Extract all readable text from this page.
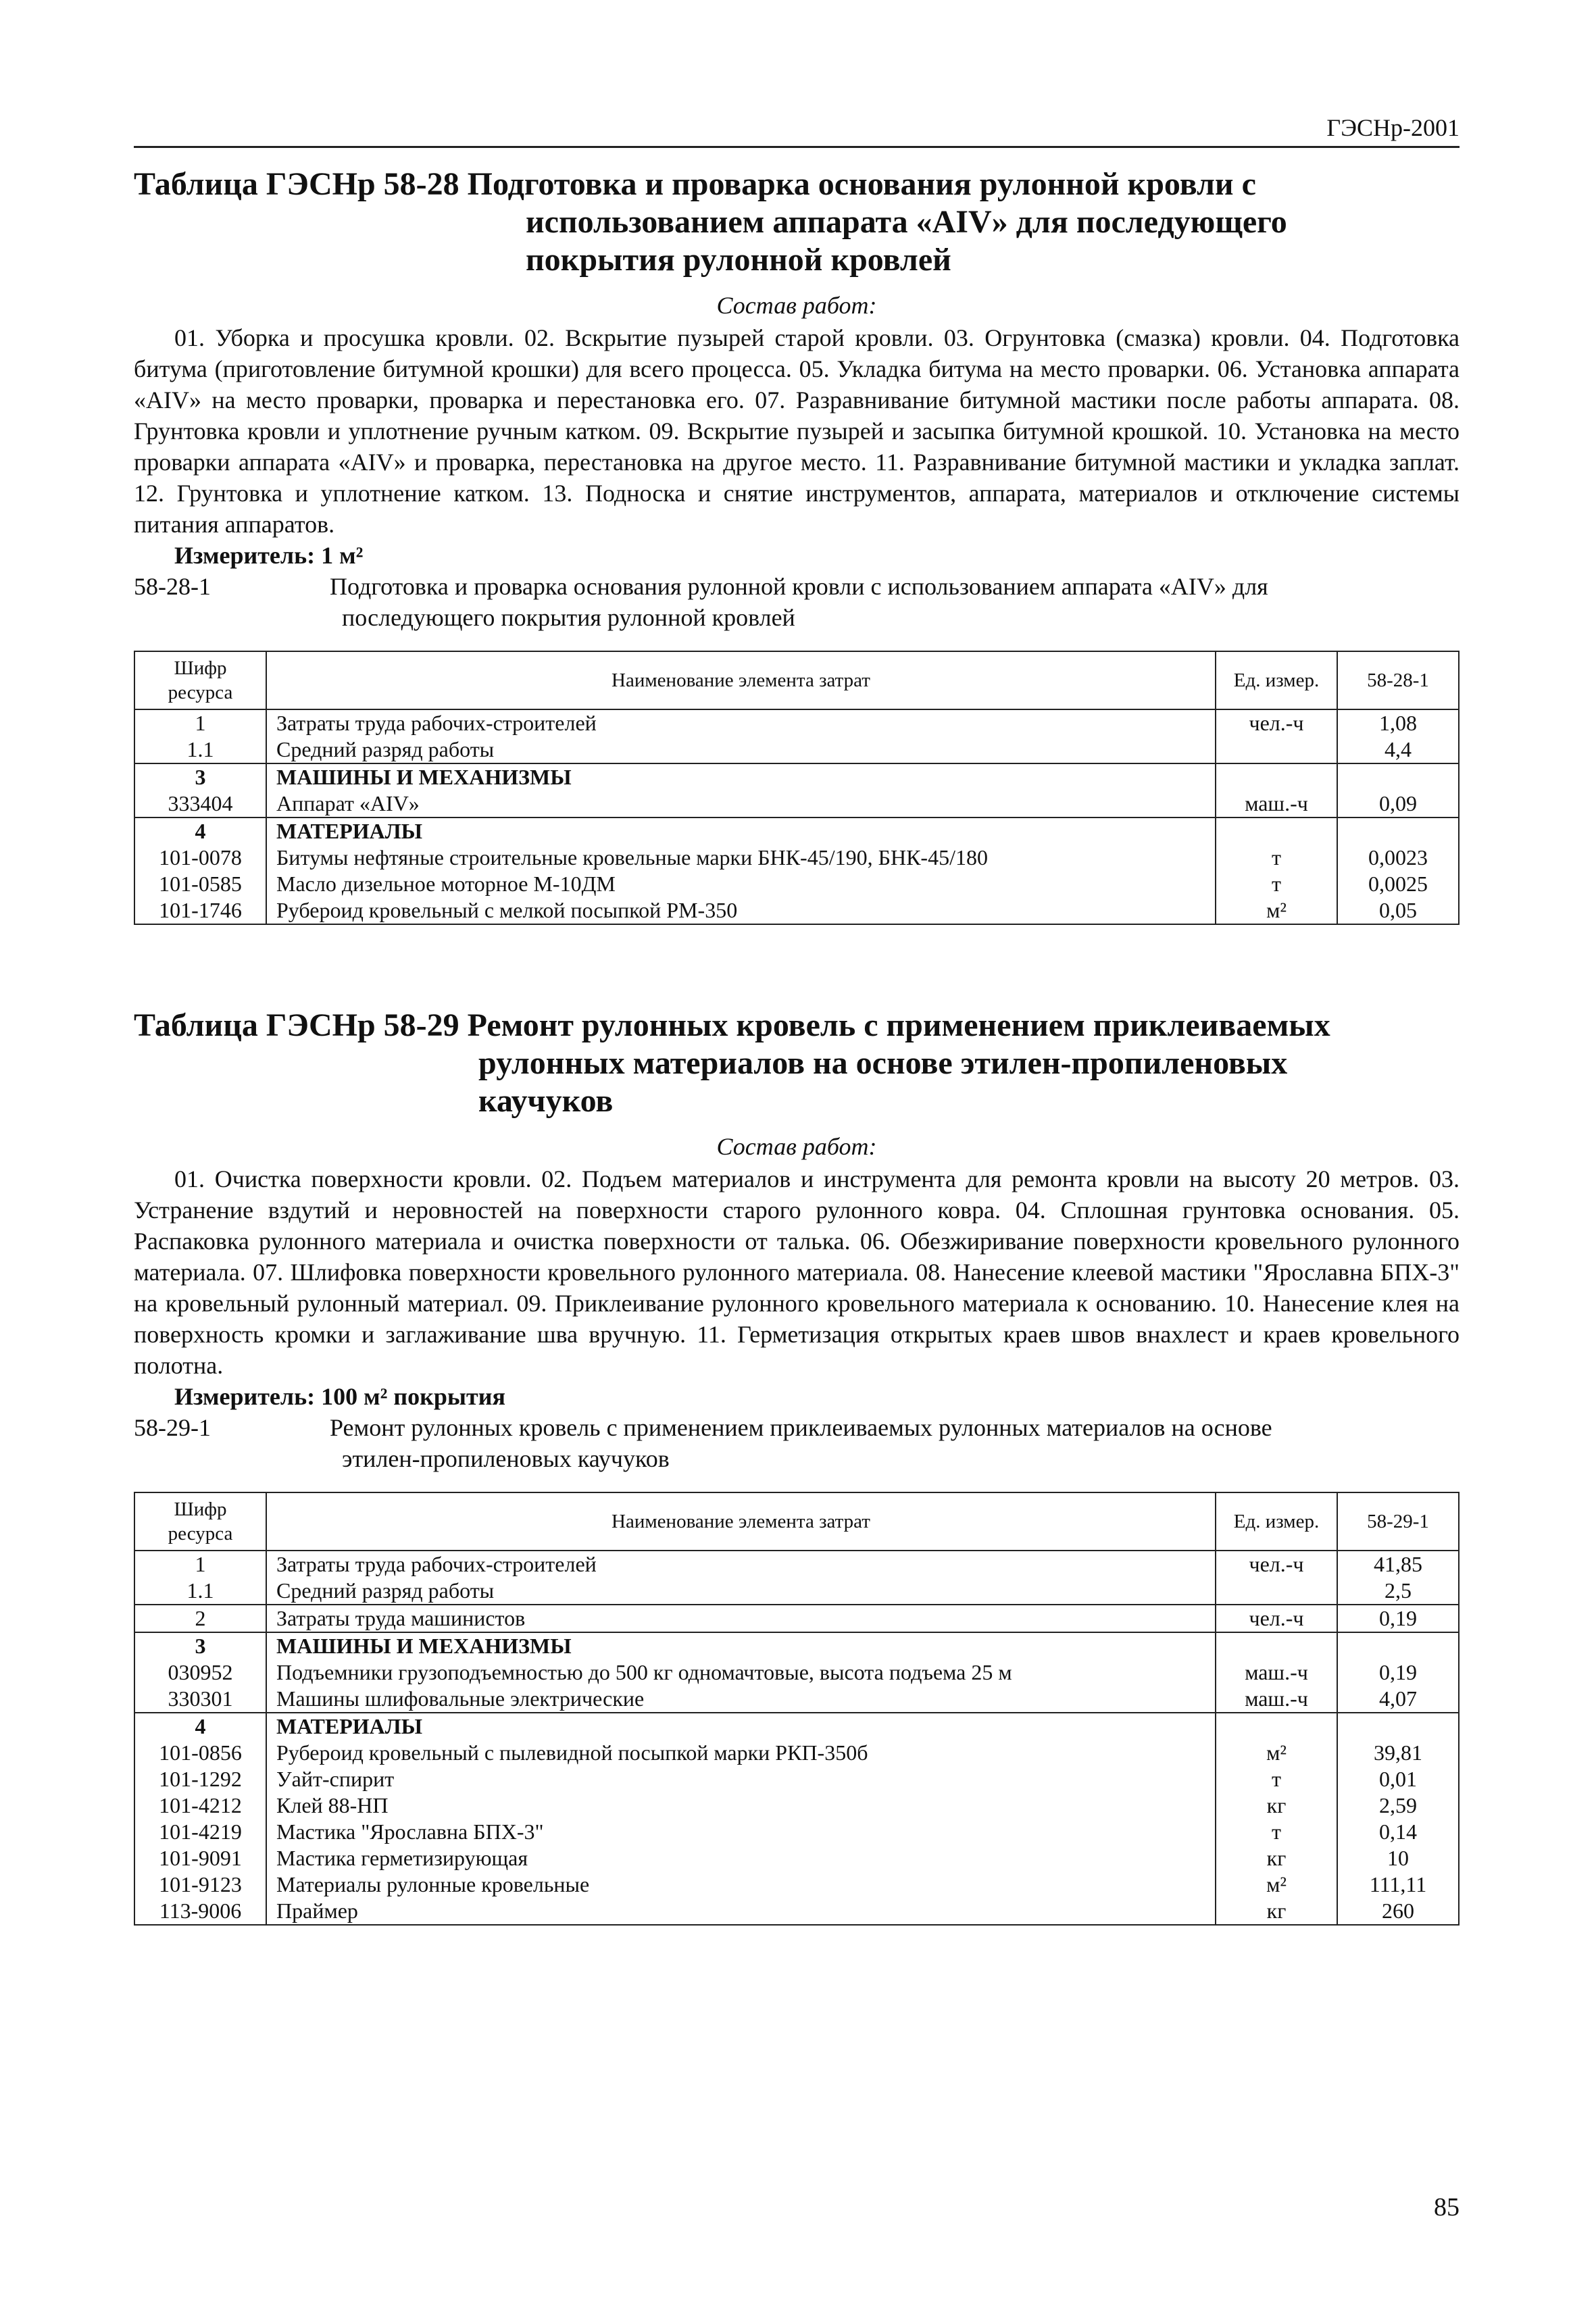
ГЭСНр-2001
Таблица ГЭСНр 58-28 Подготовка и проварка основания рулонной кровли с
использованием аппарата «AIV» для последующего
покрытия рулонной кровлей
Состав работ:

01. Уборка и просушка кровли. 02. Вскрытие пузырей старой кровли. 03. Огрунтовка (смазка) кровли. 04. Подготовка битума (приготовление битумной крошки) для всего процесса. 05. Укладка битума на место проварки. 06. Установка аппарата «AIV» на место проварки, проварка и перестановка его. 07. Разравнивание битумной мастики после работы аппарата. 08. Грунтовка кровли и уплотнение ручным катком. 09. Вскрытие пузырей и засыпка битумной крошкой. 10. Установка на место проварки аппарата «AIV» и проварка, перестановка на другое место. 11. Разравнивание битумной мастики и укладка заплат. 12. Грунтовка и уплотнение катком. 13. Подноска и снятие инструментов, аппарата, материалов и отключение системы питания аппаратов.

Измеритель: 1 м²

58-28-1	Подготовка и проварка основания рулонной кровли с использованием аппарата «AIV» для
последующего покрытия рулонной кровлей
Шифр ресурса	Наименование элемента затрат	Ед. измер.	58-28-1
1	Затраты труда рабочих-строителей	чел.-ч	1,08
1.1	Средний разряд работы		4,4
3	МАШИНЫ И МЕХАНИЗМЫ		
333404	Аппарат «AIV»	маш.-ч	0,09
4	МАТЕРИАЛЫ		
101-0078	Битумы нефтяные строительные кровельные марки БНК-45/190, БНК-45/180	т	0,0023
101-0585	Масло дизельное моторное М-10ДМ	т	0,0025
101-1746	Рубероид кровельный с мелкой посыпкой РМ-350	м²	0,05
Таблица ГЭСНр 58-29 Ремонт рулонных кровель с применением приклеиваемых
рулонных материалов на основе этилен-пропиленовых
каучуков
Состав работ:

01. Очистка поверхности кровли. 02. Подъем материалов и инструмента для ремонта кровли на высоту 20 метров. 03. Устранение вздутий и неровностей на поверхности старого рулонного ковра. 04. Сплошная грунтовка основания. 05. Распаковка рулонного материала и очистка поверхности от талька. 06. Обезжиривание поверхности кровельного рулонного материала. 07. Шлифовка поверхности кровельного рулонного материала. 08. Нанесение клеевой мастики "Ярославна БПХ-3" на кровельный рулонный материал. 09. Приклеивание рулонного кровельного материала к основанию. 10. Нанесение клея на поверхность кромки и заглаживание шва вручную. 11. Герметизация открытых краев швов внахлест и краев кровельного полотна.

Измеритель: 100 м² покрытия

58-29-1	Ремонт рулонных кровель с применением приклеиваемых рулонных материалов на основе
этилен-пропиленовых каучуков
Шифр ресурса	Наименование элемента затрат	Ед. измер.	58-29-1
1	Затраты труда рабочих-строителей	чел.-ч	41,85
1.1	Средний разряд работы		2,5
2	Затраты труда машинистов	чел.-ч	0,19
3	МАШИНЫ И МЕХАНИЗМЫ		
030952	Подъемники грузоподъемностью до 500 кг одномачтовые, высота подъема 25 м	маш.-ч	0,19
330301	Машины шлифовальные электрические	маш.-ч	4,07
4	МАТЕРИАЛЫ		
101-0856	Рубероид кровельный с пылевидной посыпкой марки РКП-350б	м²	39,81
101-1292	Уайт-спирит	т	0,01
101-4212	Клей 88-НП	кг	2,59
101-4219	Мастика "Ярославна БПХ-3"	т	0,14
101-9091	Мастика герметизирующая	кг	10
101-9123	Материалы рулонные кровельные	м²	111,11
113-9006	Праймер	кг	260
85
